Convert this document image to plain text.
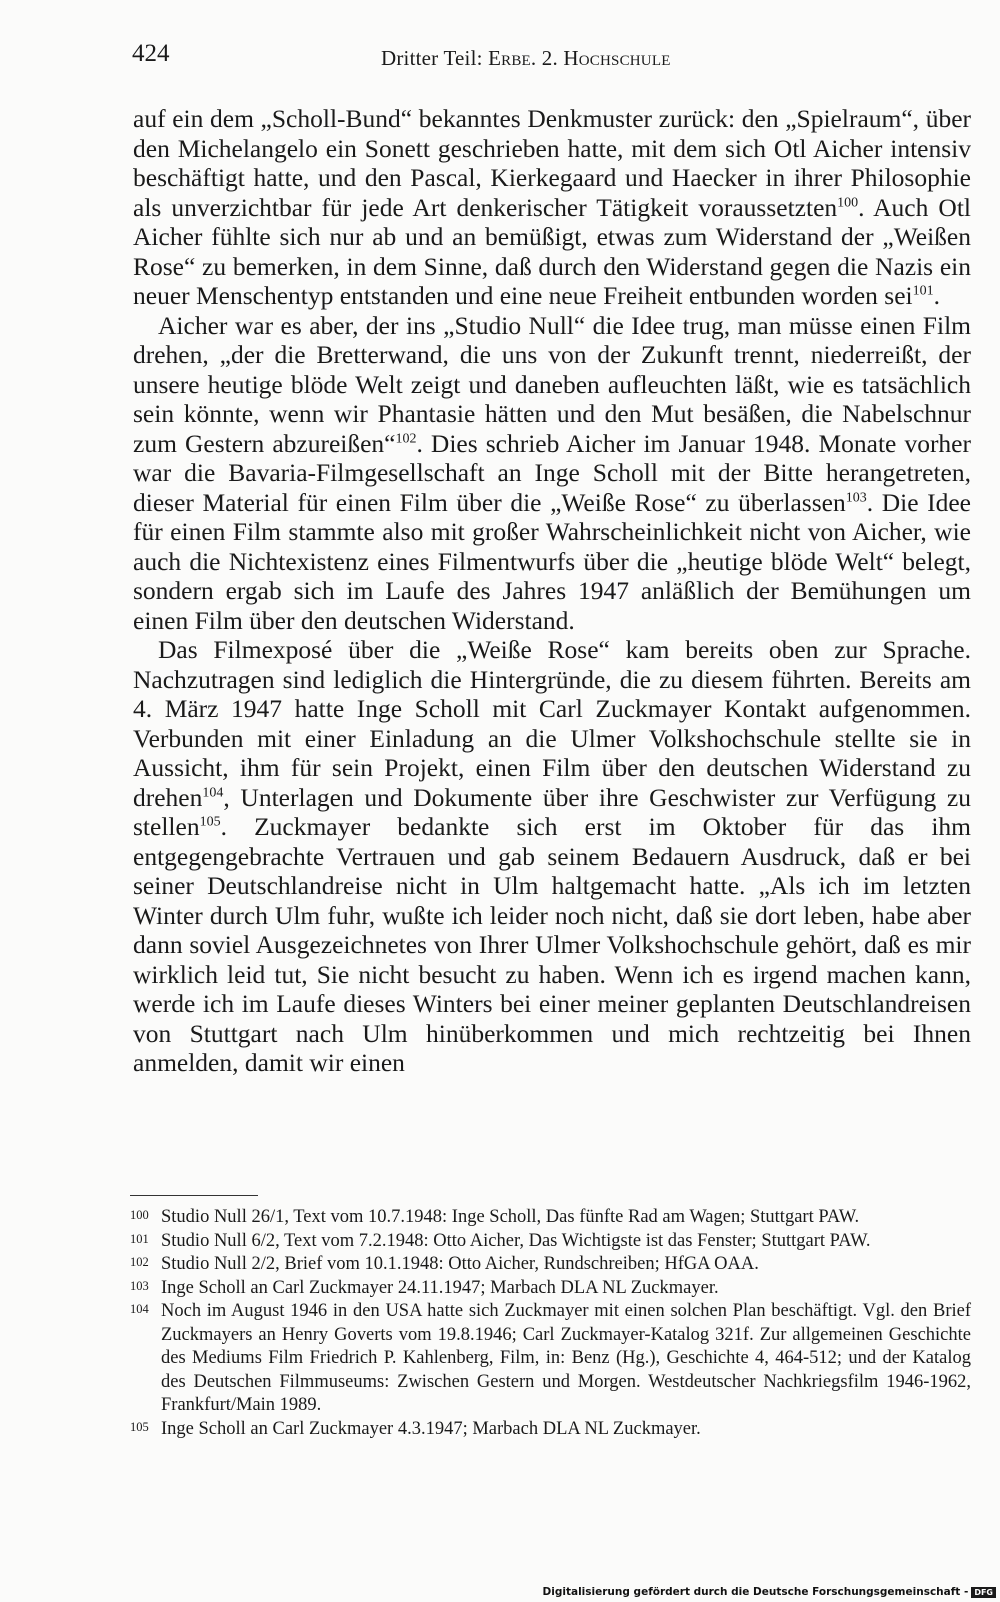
424	Dritter Teil: Erbe. 2. Hochschule

auf ein dem „Scholl-Bund“ bekanntes Denkmuster zurück: den „Spielraum“, über den Michelangelo ein Sonett geschrieben hatte, mit dem sich Otl Aicher intensiv beschäftigt hatte, und den Pascal, Kierkegaard und Haecker in ihrer Philosophie als unverzichtbar für jede Art denkerischer Tätigkeit voraussetzten$^{100}$. Auch Otl Aicher fühlte sich nur ab und an bemüßigt, etwas zum Widerstand der „Weißen Rose“ zu bemerken, in dem Sinne, daß durch den Widerstand gegen die Nazis ein neuer Menschentyp entstanden und eine neue Freiheit entbunden worden sei$^{101}$.

Aicher war es aber, der ins „Studio Null“ die Idee trug, man müsse einen Film drehen, „der die Bretterwand, die uns von der Zukunft trennt, niederreißt, der unsere heutige blöde Welt zeigt und daneben aufleuchten läßt, wie es tatsächlich sein könnte, wenn wir Phantasie hätten und den Mut besäßen, die Nabelschnur zum Gestern abzureißen“$^{102}$. Dies schrieb Aicher im Januar 1948. Monate vorher war die Bavaria-Filmgesellschaft an Inge Scholl mit der Bitte herangetreten, dieser Material für einen Film über die „Weiße Rose“ zu überlassen$^{103}$. Die Idee für einen Film stammte also mit großer Wahrscheinlichkeit nicht von Aicher, wie auch die Nichtexistenz eines Filmentwurfs über die „heutige blöde Welt“ belegt, sondern ergab sich im Laufe des Jahres 1947 anläßlich der Bemühungen um einen Film über den deutschen Widerstand.

Das Filmexposé über die „Weiße Rose“ kam bereits oben zur Sprache. Nachzutragen sind lediglich die Hintergründe, die zu diesem führten. Bereits am 4. März 1947 hatte Inge Scholl mit Carl Zuckmayer Kontakt aufgenommen. Verbunden mit einer Einladung an die Ulmer Volkshochschule stellte sie in Aussicht, ihm für sein Projekt, einen Film über den deutschen Widerstand zu drehen$^{104}$, Unterlagen und Dokumente über ihre Geschwister zur Verfügung zu stellen$^{105}$. Zuckmayer bedankte sich erst im Oktober für das ihm entgegengebrachte Vertrauen und gab seinem Bedauern Ausdruck, daß er bei seiner Deutschlandreise nicht in Ulm haltgemacht hatte. „Als ich im letzten Winter durch Ulm fuhr, wußte ich leider noch nicht, daß sie dort leben, habe aber dann soviel Ausgezeichnetes von Ihrer Ulmer Volkshochschule gehört, daß es mir wirklich leid tut, Sie nicht besucht zu haben. Wenn ich es irgend machen kann, werde ich im Laufe dieses Winters bei einer meiner geplanten Deutschlandreisen von Stuttgart nach Ulm hinüberkommen und mich rechtzeitig bei Ihnen anmelden, damit wir einen

100 Studio Null 26/1, Text vom 10.7.1948: Inge Scholl, Das fünfte Rad am Wagen; Stuttgart PAW.
101 Studio Null 6/2, Text vom 7.2.1948: Otto Aicher, Das Wichtigste ist das Fenster; Stuttgart PAW.
102 Studio Null 2/2, Brief vom 10.1.1948: Otto Aicher, Rundschreiben; HfGA OAA.
103 Inge Scholl an Carl Zuckmayer 24.11.1947; Marbach DLA NL Zuckmayer.
104 Noch im August 1946 in den USA hatte sich Zuckmayer mit einen solchen Plan beschäftigt. Vgl. den Brief Zuckmayers an Henry Goverts vom 19.8.1946; Carl Zuckmayer-Katalog 321f. Zur allgemeinen Geschichte des Mediums Film Friedrich P. Kahlenberg, Film, in: Benz (Hg.), Geschichte 4, 464-512; und der Katalog des Deutschen Filmmuseums: Zwischen Gestern und Morgen. Westdeutscher Nachkriegsfilm 1946-1962, Frankfurt/Main 1989.
105 Inge Scholl an Carl Zuckmayer 4.3.1947; Marbach DLA NL Zuckmayer.
Digitalisierung gefördert durch die Deutsche Forschungsgemeinschaft - DFG
